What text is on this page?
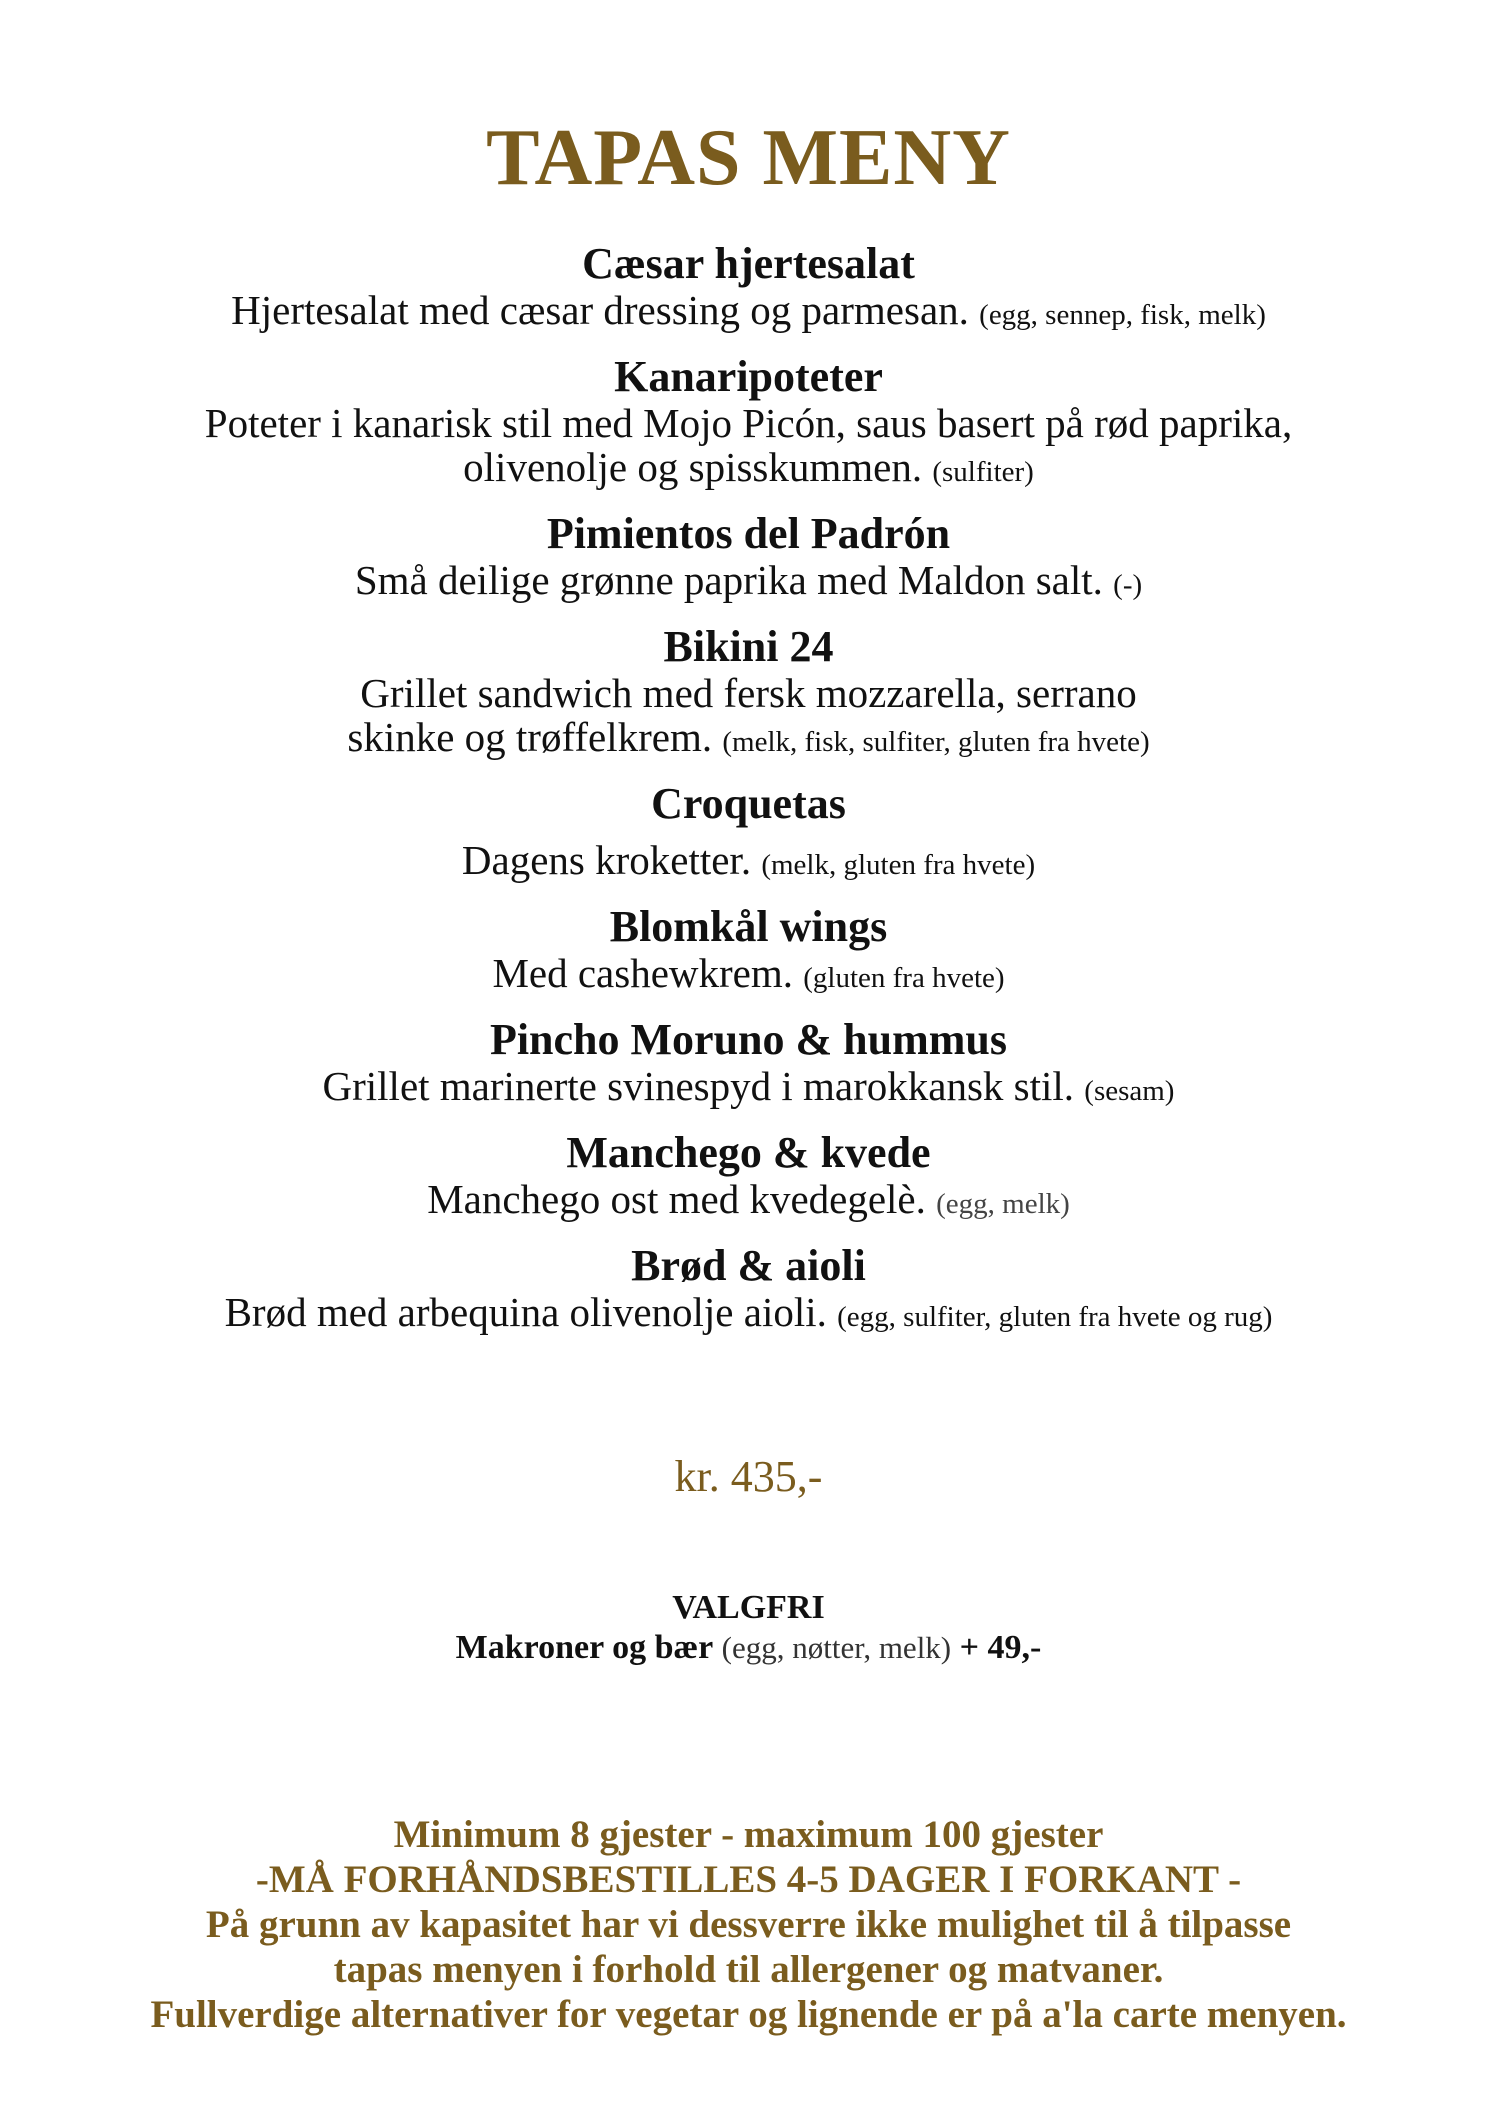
TAPAS MENY
Cæsar hjertesalat
Hjertesalat med cæsar dressing og parmesan. (egg, sennep, fisk, melk)
Kanaripoteter
Poteter i kanarisk stil med Mojo Picón, saus basert på rød paprika,
olivenolje og spisskummen. (sulfiter)
Pimientos del Padrón
Små deilige grønne paprika med Maldon salt. (-)
Bikini 24
Grillet sandwich med fersk mozzarella, serrano
skinke og trøffelkrem. (melk, fisk, sulfiter, gluten fra hvete)
Croquetas
Dagens kroketter. (melk, gluten fra hvete)
Blomkål wings
Med cashewkrem. (gluten fra hvete)
Pincho Moruno & hummus
Grillet marinerte svinespyd i marokkansk stil. (sesam)
Manchego & kvede
Manchego ost med kvedegelè. (egg, melk)
Brød & aioli
Brød med arbequina olivenolje aioli. (egg, sulfiter, gluten fra hvete og rug)
kr. 435,-
VALGFRI
Makroner og bær (egg, nøtter, melk) + 49,-
Minimum 8 gjester - maximum 100 gjester
-MÅ FORHÅNDSBESTILLES 4-5 DAGER I FORKANT -
På grunn av kapasitet har vi dessverre ikke mulighet til å tilpasse
tapas menyen i forhold til allergener og matvaner.
Fullverdige alternativer for vegetar og lignende er på a'la carte menyen.
